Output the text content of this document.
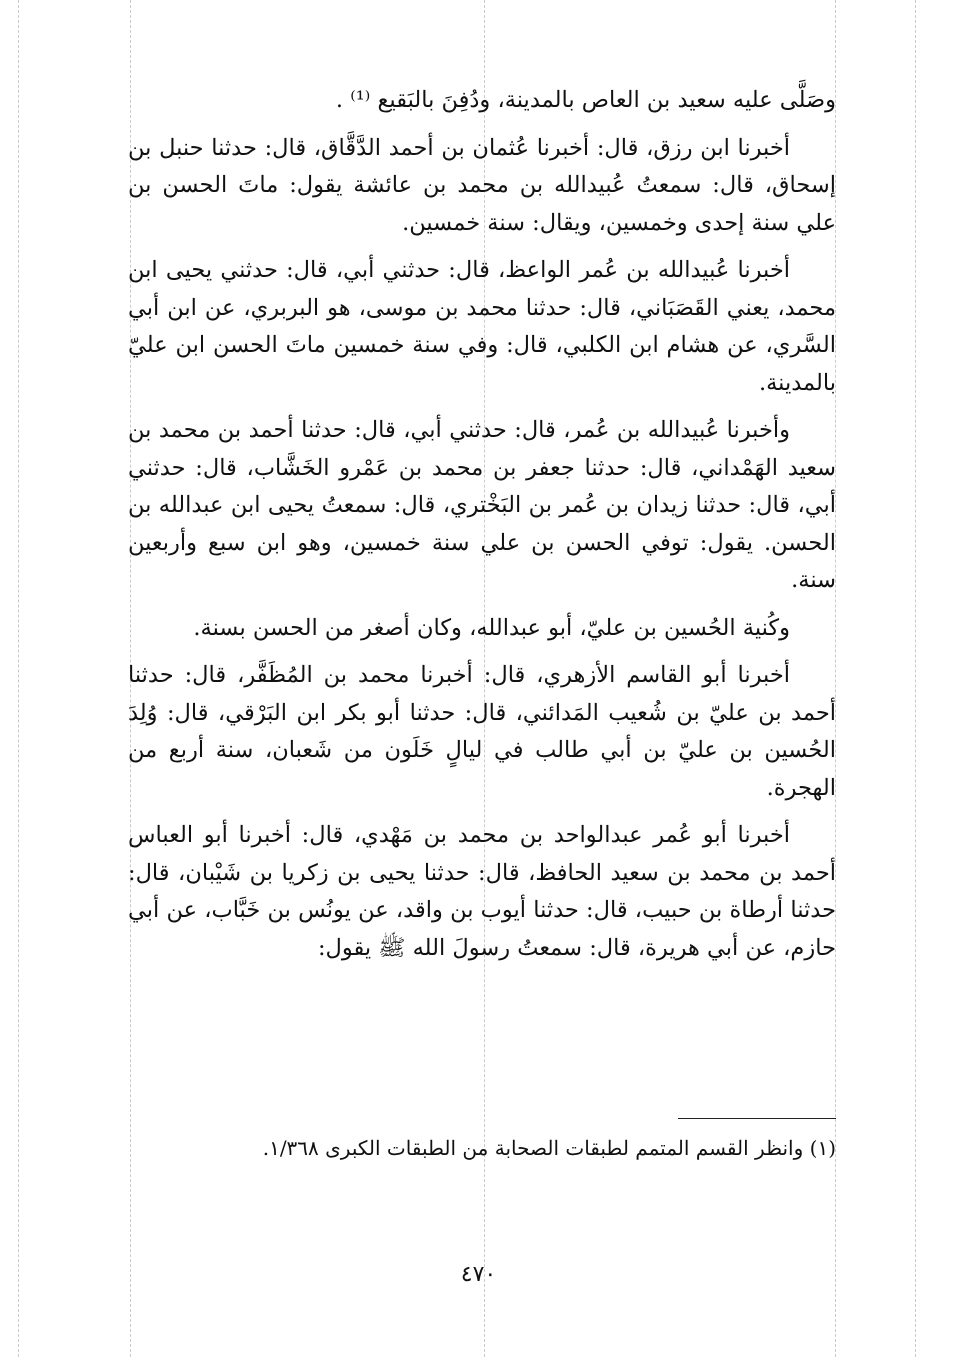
وصَلَّى عليه سعيد بن العاص بالمدينة، ودُفِنَ بالبَقيع ⁽¹⁾ .

أخبرنا ابن رزق، قال: أخبرنا عُثمان بن أحمد الدَّقَّاق، قال: حدثنا حنبل بن إسحاق، قال: سمعتُ عُبيدالله بن محمد بن عائشة يقول: ماتَ الحسن بن علي سنة إحدى وخمسين، ويقال: سنة خمسين.

أخبرنا عُبيدالله بن عُمر الواعظ، قال: حدثني أبي، قال: حدثني يحيى ابن محمد، يعني القَصَبَاني، قال: حدثنا محمد بن موسى، هو البربري، عن ابن أبي السَّري، عن هشام ابن الكلبي، قال: وفي سنة خمسين ماتَ الحسن ابن عليّ بالمدينة.

وأخبرنا عُبيدالله بن عُمر، قال: حدثني أبي، قال: حدثنا أحمد بن محمد بن سعيد الهَمْداني، قال: حدثنا جعفر بن محمد بن عَمْرو الخَشَّاب، قال: حدثني أبي، قال: حدثنا زيدان بن عُمر بن البَخْتري، قال: سمعتُ يحيى ابن عبدالله بن الحسن. يقول: توفي الحسن بن علي سنة خمسين، وهو ابن سبع وأربعين سنة.

وكُنية الحُسين بن عليّ، أبو عبدالله، وكان أصغر من الحسن بسنة.

أخبرنا أبو القاسم الأزهري، قال: أخبرنا محمد بن المُظَفَّر، قال: حدثنا أحمد بن عليّ بن شُعيب المَدائني، قال: حدثنا أبو بكر ابن البَرْقي، قال: وُلِدَ الحُسين بن عليّ بن أبي طالب في ليالٍ خَلَون من شَعبان، سنة أربع من الهجرة.

أخبرنا أبو عُمر عبدالواحد بن محمد بن مَهْدي، قال: أخبرنا أبو العباس أحمد بن محمد بن سعيد الحافظ، قال: حدثنا يحيى بن زكريا بن شَيْبان، قال: حدثنا أرطاة بن حبيب، قال: حدثنا أيوب بن واقد، عن يونُس بن خَبَّاب، عن أبي حازم، عن أبي هريرة، قال: سمعتُ رسولَ الله ﷺ يقول:

(١) وانظر القسم المتمم لطبقات الصحابة من الطبقات الكبرى ١/٣٦٨.
٤٧٠
